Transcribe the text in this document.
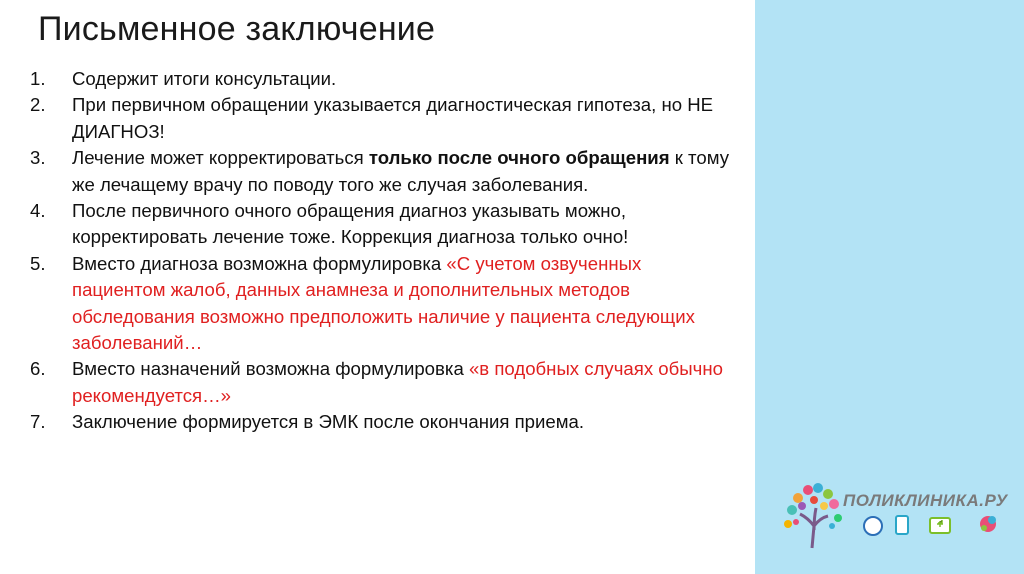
Письменное заключение
1. Содержит итоги консультации.
2. При первичном обращении указывается диагностическая гипотеза, но НЕ ДИАГНОЗ!
3. Лечение может корректироваться только после очного обращения к тому же лечащему врачу по поводу того же случая заболевания.
4. После первичного очного обращения диагноз указывать можно, корректировать лечение тоже. Коррекция диагноза только очно!
5. Вместо диагноза возможна формулировка «С учетом озвученных пациентом жалоб, данных анамнеза и дополнительных методов обследования возможно предположить наличие у пациента следующих заболеваний…
6. Вместо назначений возможна формулировка «в подобных случаях обычно рекомендуется…»
7. Заключение формируется в ЭМК после окончания приема.
ПОЛИКЛИНИКА.РУ
